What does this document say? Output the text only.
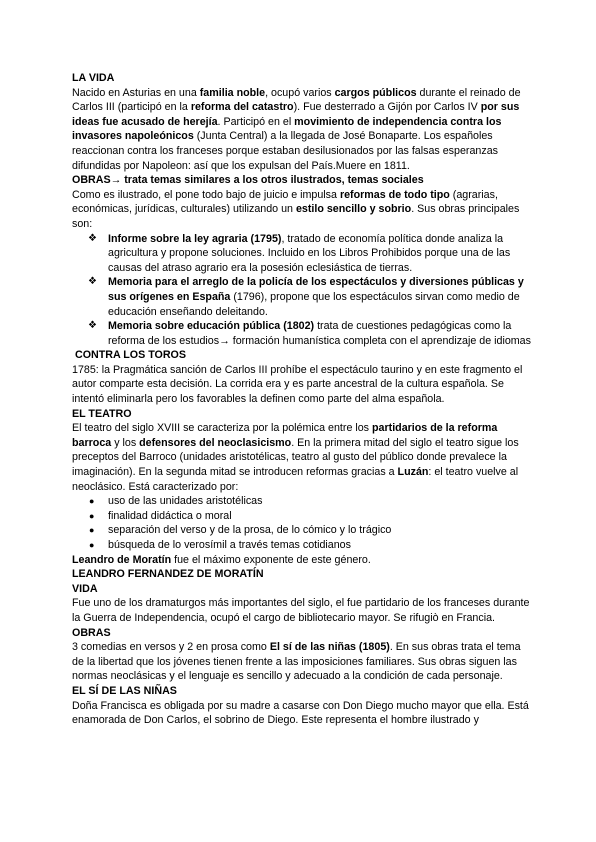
LA VIDA

Nacido en Asturias en una familia noble, ocupó varios cargos públicos durante el reinado de Carlos III (participó en la reforma del catastro). Fue desterrado a Gijón por Carlos IV por sus ideas fue acusado de herejía. Participó en el movimiento de independencia contra los invasores napoleónicos (Junta Central) a la llegada de José Bonaparte. Los españoles reaccionan contra los franceses porque estaban desilusionados por las falsas esperanzas difundidas por Napoleon: así que los expulsan del País.Muere en 1811.

OBRAS→ trata temas similares a los otros ilustrados, temas sociales

Como es ilustrado, el pone todo bajo de juicio e impulsa reformas de todo tipo (agrarias, económicas, jurídicas, culturales) utilizando un estilo sencillo y sobrio. Sus obras principales son:

❖ Informe sobre la ley agraria (1795), tratado de economía política donde analiza la agricultura y propone soluciones. Incluido en los Libros Prohibidos porque una de las causas del atraso agrario era la posesión eclesiástica de tierras.
❖ Memoria para el arreglo de la policía de los espectáculos y diversiones públicas y sus orígenes en España (1796), propone que los espectáculos sirvan como medio de educación enseñando deleitando.
❖ Memoria sobre educación pública (1802) trata de cuestiones pedagógicas como la reforma de los estudios→ formación humanística completa con el aprendizaje de idiomas

CONTRA LOS TOROS

1785: la Pragmática sanción de Carlos III prohíbe el espectáculo taurino y en este fragmento el autor comparte esta decisión. La corrida era y es parte ancestral de la cultura española. Se intentó eliminarla pero los favorables la definen como parte del alma española.

EL TEATRO

El teatro del siglo XVIII se caracteriza por la polémica entre los partidarios de la reforma barroca y los defensores del neoclasicismo. En la primera mitad del siglo el teatro sigue los preceptos del Barroco (unidades aristotélicas, teatro al gusto del público donde prevalece la imaginación). En la segunda mitad se introducen reformas gracias a Luzán: el teatro vuelve al neoclásico. Está caracterizado por:

● uso de las unidades aristotélicas
● finalidad didáctica o moral
● separación del verso y de la prosa, de lo cómico y lo trágico
● búsqueda de lo verosímil a través temas cotidianos

Leandro de Moratín fue el máximo exponente de este género.

LEANDRO FERNANDEZ DE MORATÍN

VIDA

Fue uno de los dramaturgos más importantes del siglo, el fue partidario de los franceses durante la Guerra de Independencia, ocupó el cargo de bibliotecario mayor. Se rifugiò en Francia.

OBRAS

3 comedias en versos y 2 en prosa como El sí de las niñas (1805). En sus obras trata el tema de la libertad que los jóvenes tienen frente a las imposiciones familiares. Sus obras siguen las normas neoclásicas y el lenguaje es sencillo y adecuado a la condición de cada personaje.

EL SÍ DE LAS NIÑAS

Doña Francisca es obligada por su madre a casarse con Don Diego mucho mayor que ella. Está enamorada de Don Carlos, el sobrino de Diego. Este representa el hombre ilustrado y
